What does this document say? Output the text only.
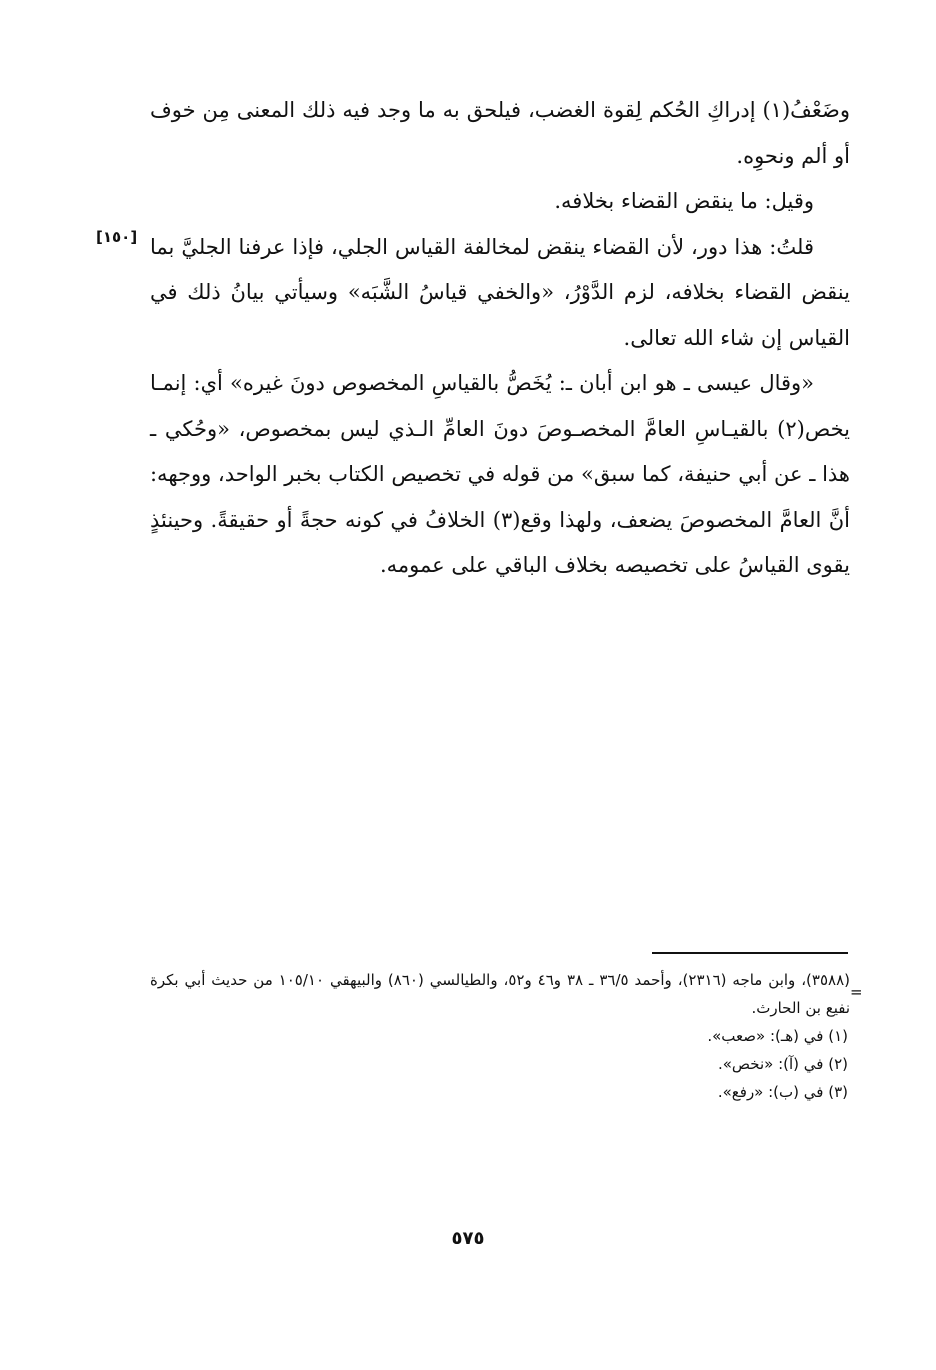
وضَعْفُ(١) إدراكِ الحُكم لِقوة الغضب، فيلحق به ما وجد فيه ذلك المعنى مِن خوف أو ألم ونحوِه.

وقيل: ما ينقض القضاء بخلافه.

قلتُ: هذا دور، لأن القضاء ينقض لمخالفة القياس الجلي، فإذا عرفنا الجليَّ بما ينقض القضاء بخلافه، لزم الدَّوْرُ، «والخفي قياسُ الشَّبَه» وسيأتي بيانُ ذلك في القياس إن شاء الله تعالى.

«وقال عيسى ـ هو ابن أبان ـ: يُخَصُّ بالقياسِ المخصوص دونَ غيره» أي: إنمـا يخص(٢) بالقيـاسِ العامَّ المخصـوصَ دونَ العامِّ الـذي ليس بمخصوص، «وحُكي ـ هذا ـ عن أبي حنيفة، كما سبق» من قوله في تخصيص الكتاب بخبر الواحد، ووجهه: أنَّ العامَّ المخصوصَ يضعف، ولهذا وقع(٣) الخلافُ في كونه حجةً أو حقيقةً. وحينئذٍ يقوى القياسُ على تخصيصه بخلاف الباقي على عمومه.

[١٥٠]
=

(٣٥٨٨)، وابن ماجه (٢٣١٦)، وأحمد ٣٦/٥ ـ ٣٨ و٤٦ و٥٢، والطيالسي (٨٦٠) والبيهقي ١٠٥/١٠ من حديث أبي بكرة نفيع بن الحارث.

(١) في (هـ): «صعب».

(٢) في (آ): «نخص».

(٣) في (ب): «رفع».

٥٧٥
